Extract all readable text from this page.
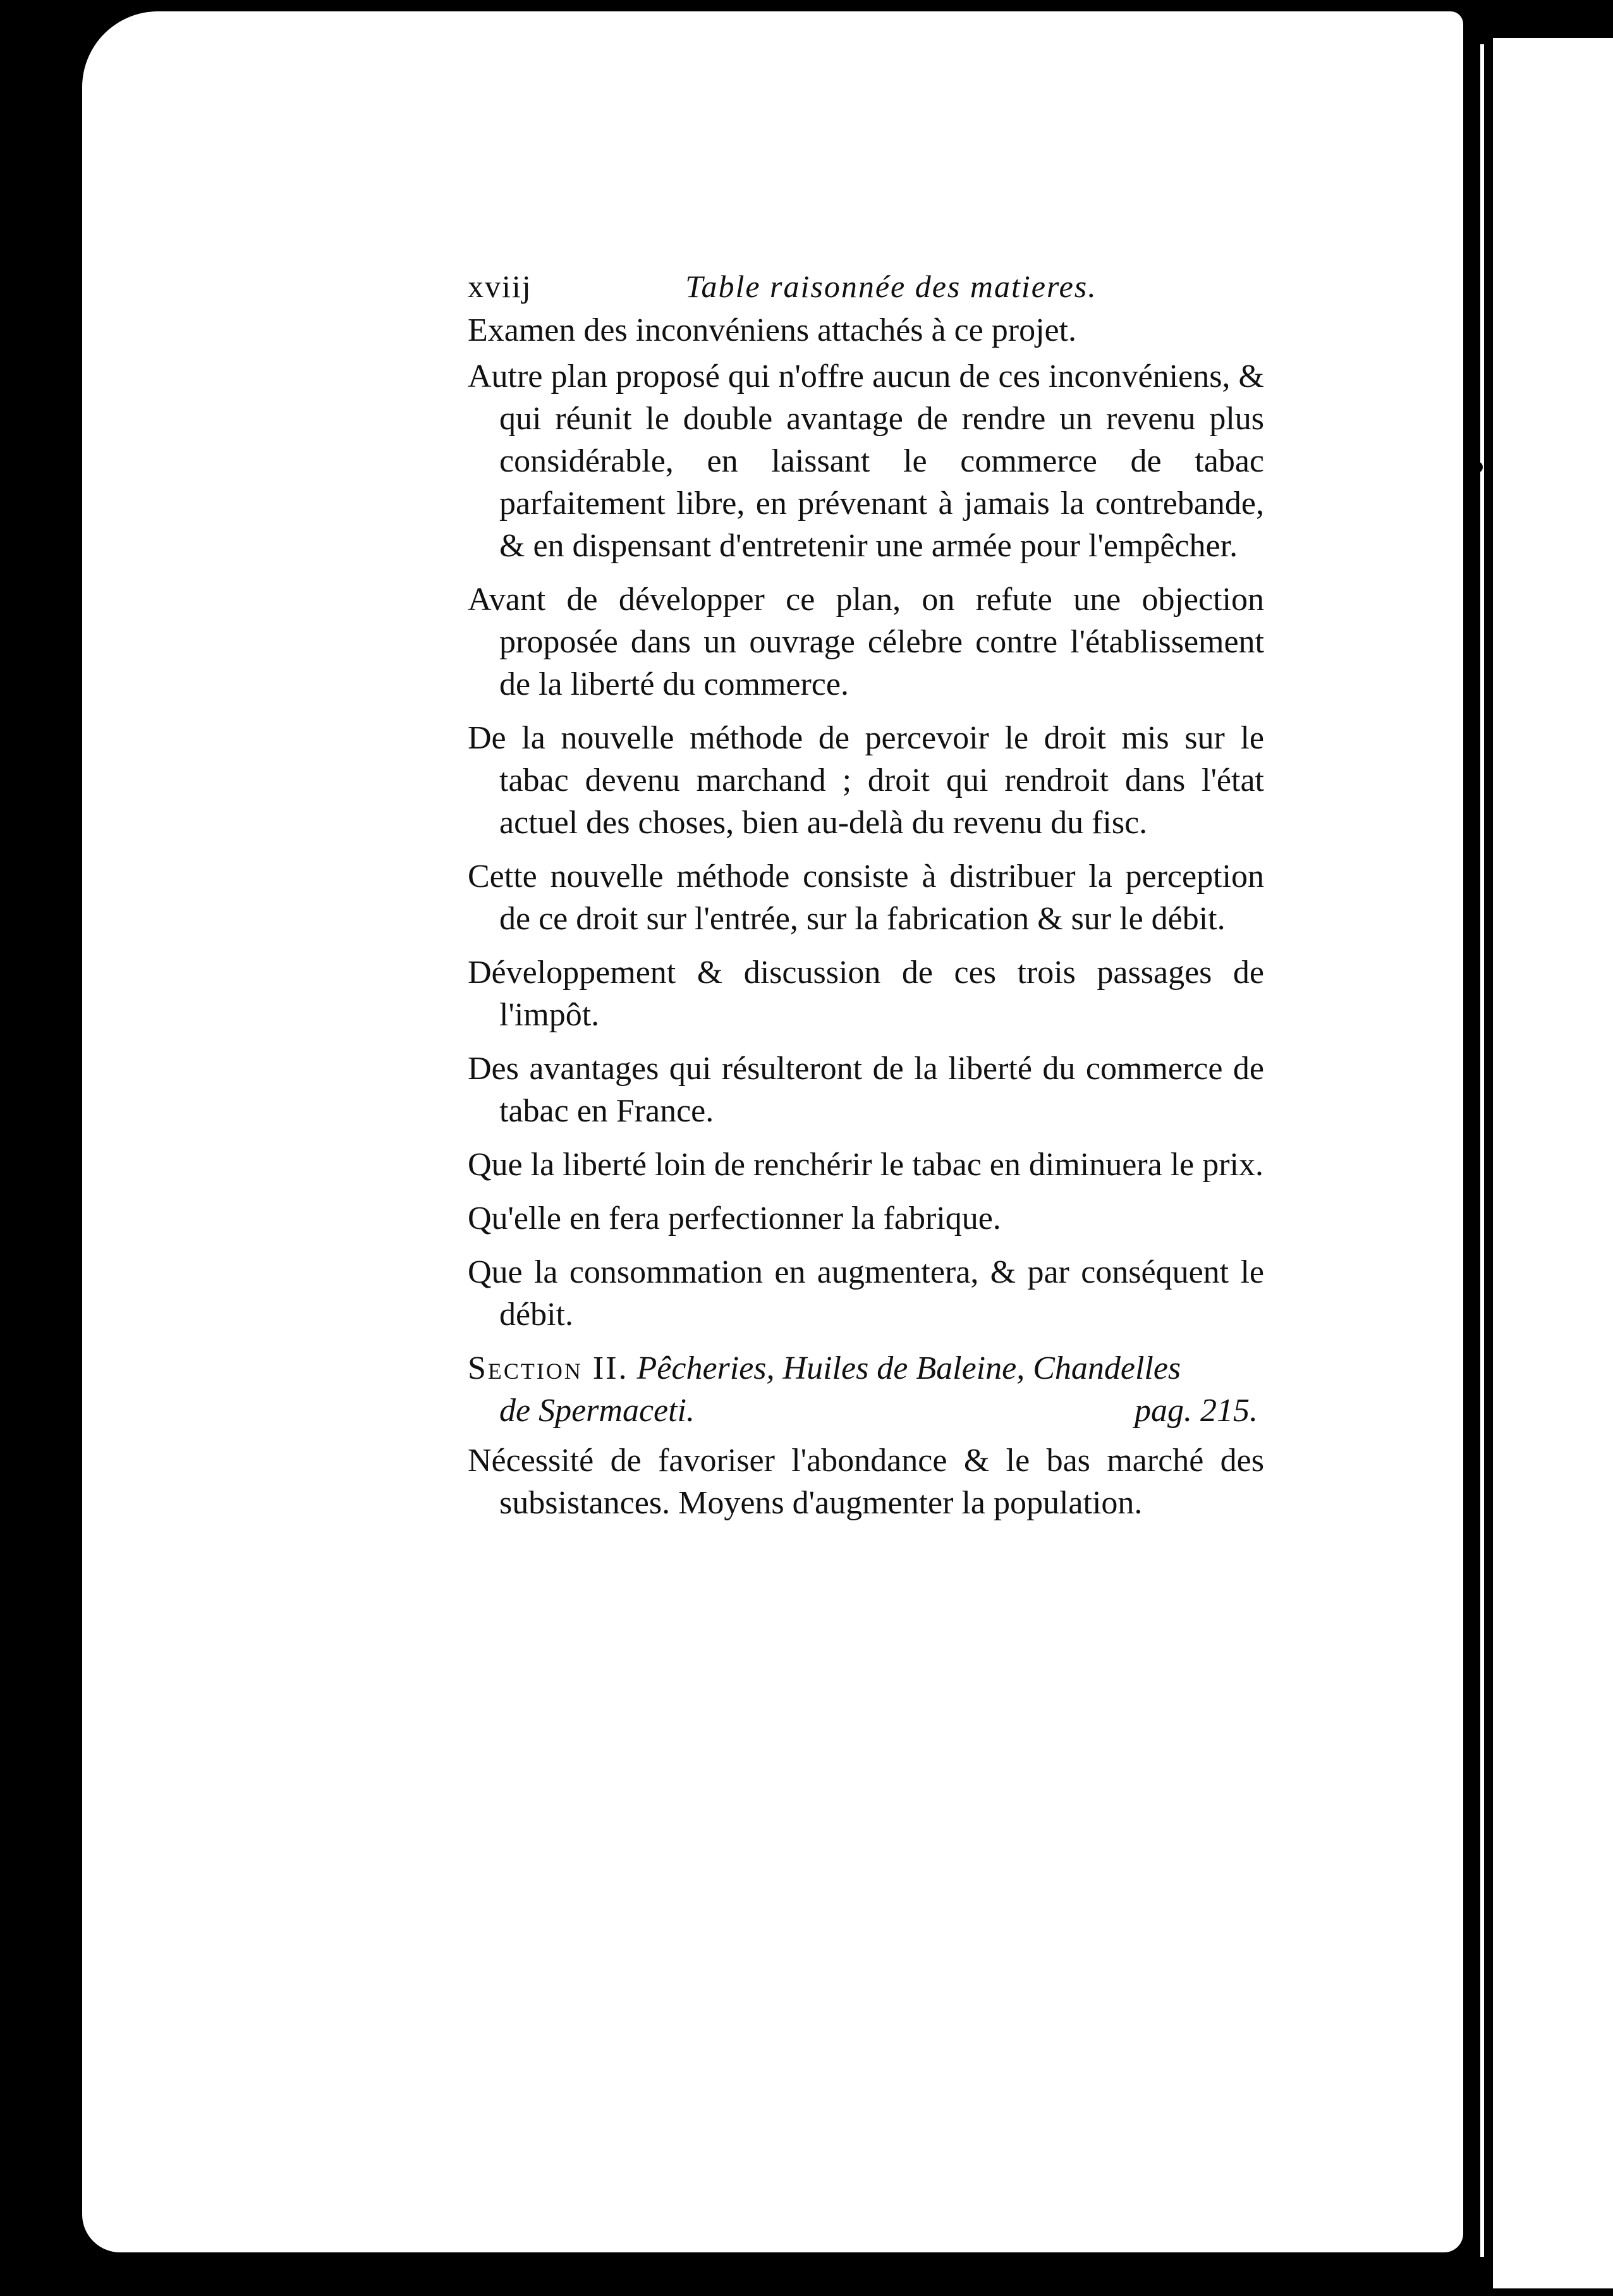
xviij	Table raisonnée des matieres.
Examen des inconvéniens attachés à ce projet.
Autre plan proposé qui n'offre aucun de ces inconvéniens, & qui réunit le double avantage de rendre un revenu plus considérable, en laissant le commerce de tabac parfaitement libre, en prévenant à jamais la contrebande, & en dispensant d'entretenir une armée pour l'empêcher.
Avant de développer ce plan, on refute une objection proposée dans un ouvrage célebre contre l'établissement de la liberté du commerce.
De la nouvelle méthode de percevoir le droit mis sur le tabac devenu marchand ; droit qui rendroit dans l'état actuel des choses, bien au-delà du revenu du fisc.
Cette nouvelle méthode consiste à distribuer la perception de ce droit sur l'entrée, sur la fabrication & sur le débit.
Développement & discussion de ces trois passages de l'impôt.
Des avantages qui résulteront de la liberté du commerce de tabac en France.
Que la liberté loin de renchérir le tabac en diminuera le prix.
Qu'elle en fera perfectionner la fabrique.
Que la consommation en augmentera, & par conséquent le débit.
Section II. Pêcheries, Huiles de Baleine, Chandelles
de Spermaceti.	pag. 215.
Nécessité de favoriser l'abondance & le bas marché des subsistances. Moyens d'augmenter la population.
